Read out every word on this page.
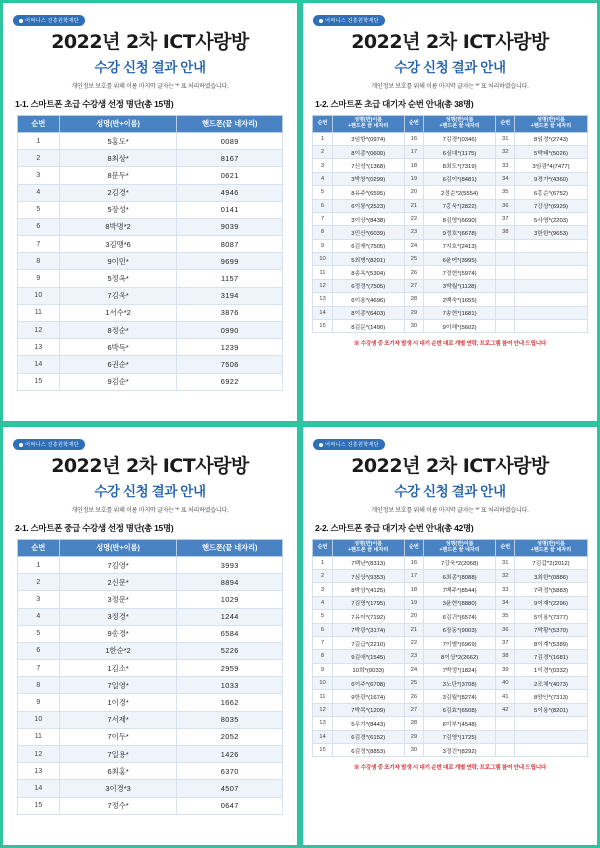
어쩌니스 진흥원학재단
2022년 2차 ICT사랑방
수강 신청 결과 안내
개인정보 보호를 위해 이름 마지막 글자는 '*' 표 처리하였습니다.
1-1. 스마트폰 초급 수강생 선정 명단(총 15명)
순번	성명(반+이름)	핸드폰(끝 네자리)
1	5홍도*	0089
2	8최상*	8167
3	8문두*	0621
4	2김경*	4946
5	5장성*	0141
6	8박명*2	9039
7	3김맹*6	8087
8	9이민*	9699
9	5정옥*	1157
10	7김욱*	3194
11	1서수*2	3876
12	8정순*	0990
13	6박득*	1239
14	6권순*	7506
15	9김순*	6922
어쩌니스 진흥원학재단
2022년 2차 ICT사랑방
수강 신청 결과 안내
개인정보 보호를 위해 이름 마지막 글자는 '*' 표 처리하였습니다.
1-2. 스마트폰 초급 대기자 순번 안내(총 38명)
순번	성명(반)이름
+핸드폰 끝 네자리	순번	성명(반)이름
+핸드폰 끝 네자리	순번	성명(반)이름
+핸드폰 끝 네자리
1	3임항*(0974)	16	7김경*(0346)	31	8임정*(2743)
2	8이종*(0600)	17	6심대*(1175)	32	5박태*(5026)
3	7신성*(1368)	18	8최도*(7319)	33	3임광*4(7477)
4	3박창*(0299)	19	6김이*(8481)	34	9경가*(4360)
5	8유주*(6595)	20	2정순*2(5554)	35	6홍순*(6752)
6	6이룡*(2523)	21	7홍욱*(2822)	36	7강상*(6929)
7	3이상*(8438)	22	8김영*(6690)	37	5사영*(2203)
8	3민산*(6039)	23	9정호*(6678)	38	3한한*(9653)
9	6김재*(7505)	24	7지호*(2413)		
10	5최병*(8201)	25	6윤여*(3995)		
11	8송옥*(5304)	26	7정현*(5974)		
12	6정정*(7505)	27	3박월*(1128)		
13	6이용*(4696)	28	2백숙*(1655)		
14	8이종*(6403)	29	7송현*(1681)		
15	8김문*(1490)	30	9이해*(5602)		
※ 수강생 중 포기자 발생 시 대기 순번 대로 개별 연락, 프로그램 참여 안내 드립니다
어쩌니스 진흥원학재단
2022년 2차 ICT사랑방
수강 신청 결과 안내
개인정보 보호를 위해 이름 마지막 글자는 '*' 표 처리하였습니다.
2-1. 스마트폰 중급 수강생 선정 명단(총 15명)
순번	성명(반+이름)	핸드폰(끝 네자리)
1	7김영*	3993
2	2신문*	8894
3	3정문*	1029
4	3정경*	1244
5	9송경*	6584
6	1한순*2	5226
7	1김소*	2959
8	7일영*	1033
9	1이경*	1662
10	7서제*	8035
11	7이두*	2052
12	7일용*	1426
13	6최홍*	6370
14	3이경*3	4507
15	7정수*	0647
어쩌니스 진흥원학재단
2022년 2차 ICT사랑방
수강 신청 결과 안내
개인정보 보호를 위해 이름 마지막 글자는 '*' 표 처리하였습니다.
2-2. 스마트폰 중급 대기자 순번 안내(총 42명)
순번	성명(반)이름
+핸드폰 끝 네자리	순번	성명(반)이름
+핸드폰 끝 네자리	순번	성명(반)이름
+핸드폰 끝 네자리
1	7백난*(8313)	16	7강욱*2(2068)	31	7김갑*2(2012)
2	7심상*(9353)	17	6최종*(8088)	32	3최한*(0886)
3	8박상*(4125)	18	7백주*(8544)	33	7곽정*(5883)
4	7김명*(1795)	19	3윤현*(8880)	34	9이재*(2296)
5	7유이*(7192)	20	6김귀*(6574)	35	5이용*(7377)
6	7박광*(3174)	21	6장동*(9003)	36	7박황*(5370)
7	7김급*(2210)	22	7이별*(6969)	37	8이계*(5389)
8	9김애*(1545)	23	8이상*2(2662)	38	7김경*(1681)
9	10희*(0033)	24	7박정*(1824)	39	1이경*(0332)
10	6이주*(6708)	25	3노단*(3708)	40	2조채*(4073)
11	9한광*(1674)	26	3김월*(8274)	41	8양안*(7313)
12	7박목*(1209)	27	6김효*(6508)	42	5이용*(8201)
13	5우기*(8443)	28	6이부*(4548)		
14	6김경*(6152)	29	7김영*(1725)		
15	6김정*(8853)	30	3정진*(8292)		
※ 수강생 중 포기자 발생 시 대기 순번 대로 개별 연락, 프로그램 참여 안내 드립니다
